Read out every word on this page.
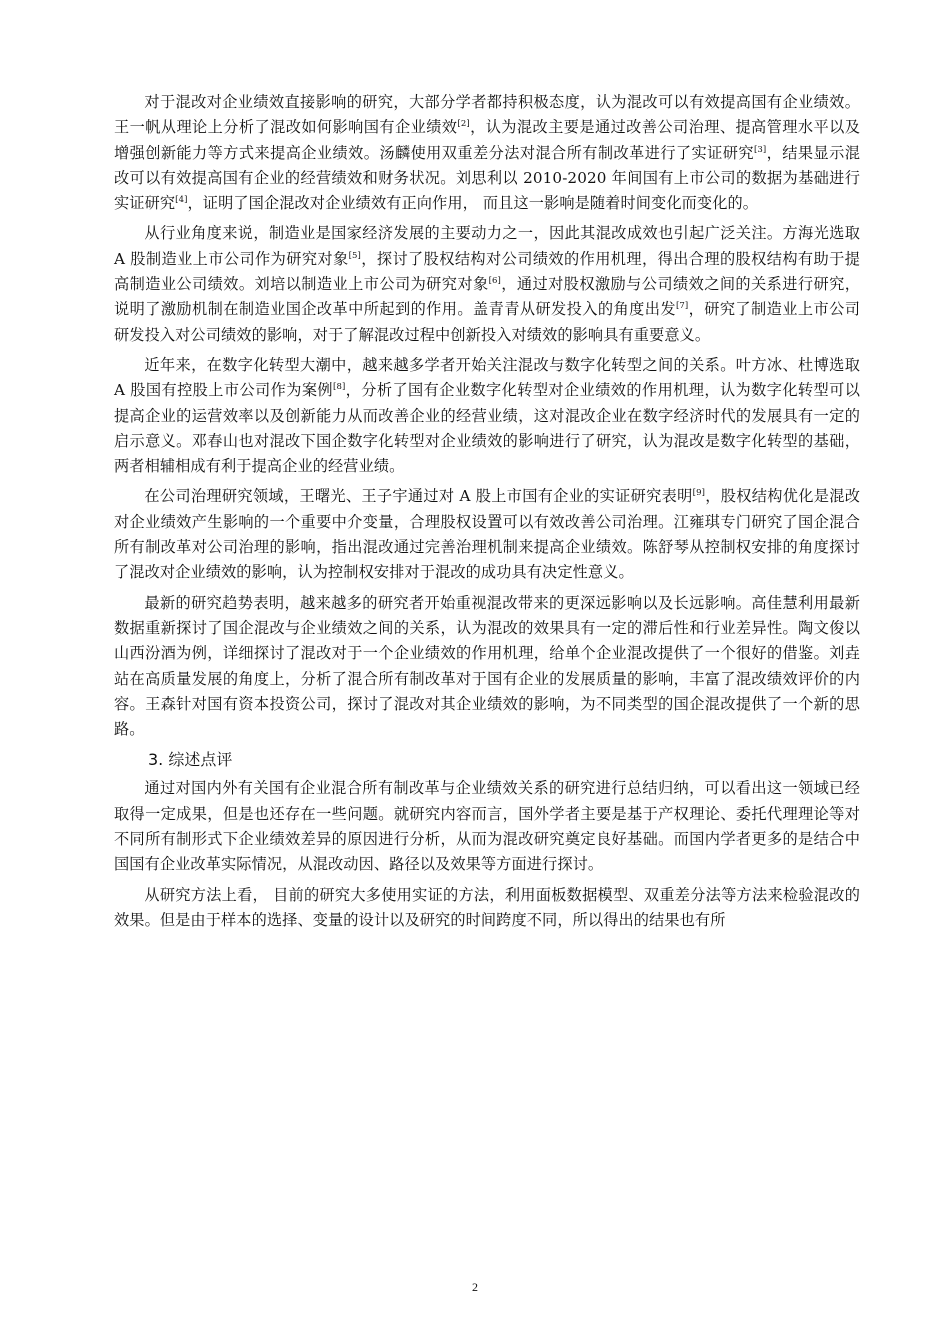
对于混改对企业绩效直接影响的研究，大部分学者都持积极态度，认为混改可以有效提高国有企业绩效。王一帆从理论上分析了混改如何影响国有企业绩效[2]，认为混改主要是通过改善公司治理、提高管理水平以及增强创新能力等方式来提高企业绩效。汤麟使用双重差分法对混合所有制改革进行了实证研究[3]，结果显示混改可以有效提高国有企业的经营绩效和财务状况。刘思利以 2010-2020 年间国有上市公司的数据为基础进行实证研究[4]，证明了国企混改对企业绩效有正向作用， 而且这一影响是随着时间变化而变化的。

从行业角度来说，制造业是国家经济发展的主要动力之一，因此其混改成效也引起广泛关注。方海光选取 A 股制造业上市公司作为研究对象[5]，探讨了股权结构对公司绩效的作用机理，得出合理的股权结构有助于提高制造业公司绩效。刘培以制造业上市公司为研究对象[6]，通过对股权激励与公司绩效之间的关系进行研究，说明了激励机制在制造业国企改革中所起到的作用。盖青青从研发投入的角度出发[7]，研究了制造业上市公司研发投入对公司绩效的影响，对于了解混改过程中创新投入对绩效的影响具有重要意义。

近年来，在数字化转型大潮中，越来越多学者开始关注混改与数字化转型之间的关系。叶方冰、杜博选取 A 股国有控股上市公司作为案例[8]，分析了国有企业数字化转型对企业绩效的作用机理，认为数字化转型可以提高企业的运营效率以及创新能力从而改善企业的经营业绩，这对混改企业在数字经济时代的发展具有一定的启示意义。邓春山也对混改下国企数字化转型对企业绩效的影响进行了研究，认为混改是数字化转型的基础，两者相辅相成有利于提高企业的经营业绩。

在公司治理研究领域，王曙光、王子宇通过对 A 股上市国有企业的实证研究表明[9]，股权结构优化是混改对企业绩效产生影响的一个重要中介变量，合理股权设置可以有效改善公司治理。江雍琪专门研究了国企混合所有制改革对公司治理的影响，指出混改通过完善治理机制来提高企业绩效。陈舒琴从控制权安排的角度探讨了混改对企业绩效的影响，认为控制权安排对于混改的成功具有决定性意义。

最新的研究趋势表明，越来越多的研究者开始重视混改带来的更深远影响以及长远影响。高佳慧利用最新数据重新探讨了国企混改与企业绩效之间的关系，认为混改的效果具有一定的滞后性和行业差异性。陶文俊以山西汾酒为例，详细探讨了混改对于一个企业绩效的作用机理，给单个企业混改提供了一个很好的借鉴。刘垚站在高质量发展的角度上，分析了混合所有制改革对于国有企业的发展质量的影响，丰富了混改绩效评价的内容。王森针对国有资本投资公司，探讨了混改对其企业绩效的影响，为不同类型的国企混改提供了一个新的思路。

3. 综述点评

通过对国内外有关国有企业混合所有制改革与企业绩效关系的研究进行总结归纳，可以看出这一领域已经取得一定成果，但是也还存在一些问题。就研究内容而言，国外学者主要是基于产权理论、委托代理理论等对不同所有制形式下企业绩效差异的原因进行分析，从而为混改研究奠定良好基础。而国内学者更多的是结合中国国有企业改革实际情况，从混改动因、路径以及效果等方面进行探讨。

从研究方法上看， 目前的研究大多使用实证的方法，利用面板数据模型、双重差分法等方法来检验混改的效果。但是由于样本的选择、变量的设计以及研究的时间跨度不同，所以得出的结果也有所

2
